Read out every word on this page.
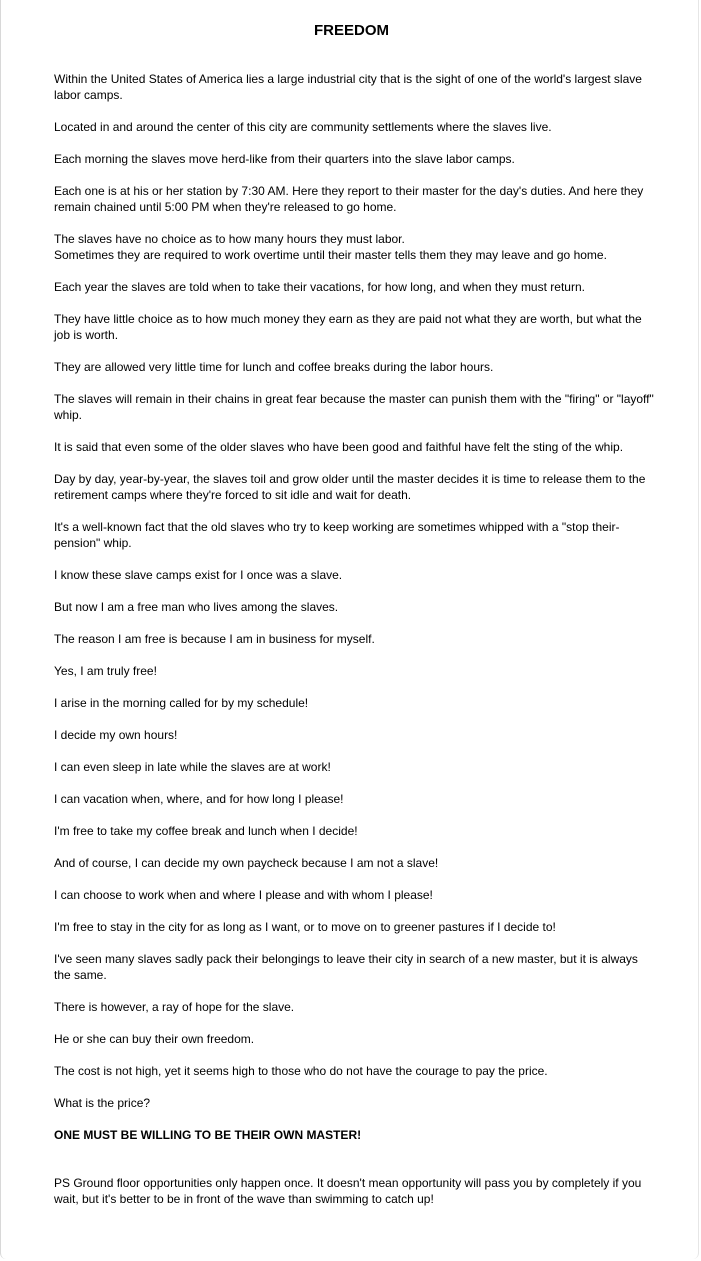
FREEDOM

Within the United States of America lies a large industrial city that is the sight of one of the world's largest slave labor camps.

Located in and around the center of this city are community settlements where the slaves live.

Each morning the slaves move herd-like from their quarters into the slave labor camps.

Each one is at his or her station by 7:30 AM. Here they report to their master for the day's duties. And here they remain chained until 5:00 PM when they're released to go home.

The slaves have no choice as to how many hours they must labor.
Sometimes they are required to work overtime until their master tells them they may leave and go home.

Each year the slaves are told when to take their vacations, for how long, and when they must return.

They have little choice as to how much money they earn as they are paid not what they are worth, but what the job is worth.

They are allowed very little time for lunch and coffee breaks during the labor hours.

The slaves will remain in their chains in great fear because the master can punish them with the "firing" or "layoff" whip.

It is said that even some of the older slaves who have been good and faithful have felt the sting of the whip.

Day by day, year-by-year, the slaves toil and grow older until the master decides it is time to release them to the retirement camps where they're forced to sit idle and wait for death.

It's a well-known fact that the old slaves who try to keep working are sometimes whipped with a "stop their-pension" whip.

I know these slave camps exist for I once was a slave.

But now I am a free man who lives among the slaves.

The reason I am free is because I am in business for myself.

Yes, I am truly free!

I arise in the morning called for by my schedule!

I decide my own hours!

I can even sleep in late while the slaves are at work!

I can vacation when, where, and for how long I please!

I'm free to take my coffee break and lunch when I decide!

And of course, I can decide my own paycheck because I am not a slave!

I can choose to work when and where I please and with whom I please!

I'm free to stay in the city for as long as I want, or to move on to greener pastures if I decide to!

I've seen many slaves sadly pack their belongings to leave their city in search of a new master, but it is always the same.

There is however, a ray of hope for the slave.

He or she can buy their own freedom.

The cost is not high, yet it seems high to those who do not have the courage to pay the price.

What is the price?

ONE MUST BE WILLING TO BE THEIR OWN MASTER!

PS Ground floor opportunities only happen once. It doesn't mean opportunity will pass you by completely if you wait, but it's better to be in front of the wave than swimming to catch up!
